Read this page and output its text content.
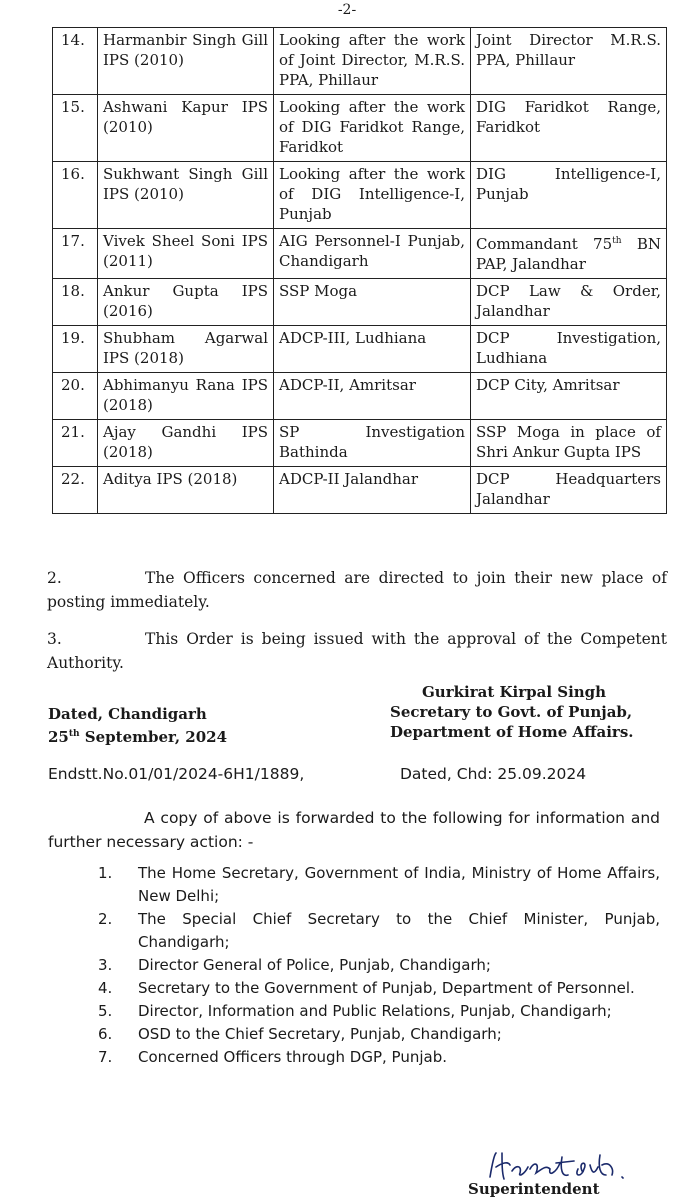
-2-
14.	Harmanbir Singh Gill IPS (2010)	Looking after the work of Joint Director, M.R.S. PPA, Phillaur	Joint Director M.R.S. PPA, Phillaur
15.	Ashwani Kapur IPS (2010)	Looking after the work of DIG Faridkot Range, Faridkot	DIG Faridkot Range, Faridkot
16.	Sukhwant Singh Gill IPS (2010)	Looking after the work of DIG Intelligence-I, Punjab	DIG Intelligence-I, Punjab
17.	Vivek Sheel Soni IPS (2011)	AIG Personnel-I Punjab, Chandigarh	Commandant 75th BN PAP, Jalandhar
18.	Ankur Gupta IPS (2016)	SSP Moga	DCP Law & Order, Jalandhar
19.	Shubham Agarwal IPS (2018)	ADCP-III, Ludhiana	DCP Investigation, Ludhiana
20.	Abhimanyu Rana IPS (2018)	ADCP-II, Amritsar	DCP City, Amritsar
21.	Ajay Gandhi IPS (2018)	SP Investigation Bathinda	SSP Moga in place of Shri Ankur Gupta IPS
22.	Aditya IPS (2018)	ADCP-II Jalandhar	DCP Headquarters Jalandhar
2.	The Officers concerned are directed to join their new place of posting immediately.
3.	This Order is being issued with the approval of the Competent Authority.
Dated, Chandigarh
25th September, 2024
Gurkirat Kirpal Singh
Secretary to Govt. of Punjab,
Department of Home Affairs.
Endstt.No.01/01/2024-6H1/1889,	Dated, Chd: 25.09.2024
A copy of above is forwarded to the following for information and further necessary action: -
1.	The Home Secretary, Government of India, Ministry of Home Affairs, New Delhi;
2.	The Special Chief Secretary to the Chief Minister, Punjab, Chandigarh;
3.	Director General of Police, Punjab, Chandigarh;
4.	Secretary to the Government of Punjab, Department of Personnel.
5.	Director, Information and Public Relations, Punjab, Chandigarh;
6.	OSD to the Chief Secretary, Punjab, Chandigarh;
7.	Concerned Officers through DGP, Punjab.
Superintendent
